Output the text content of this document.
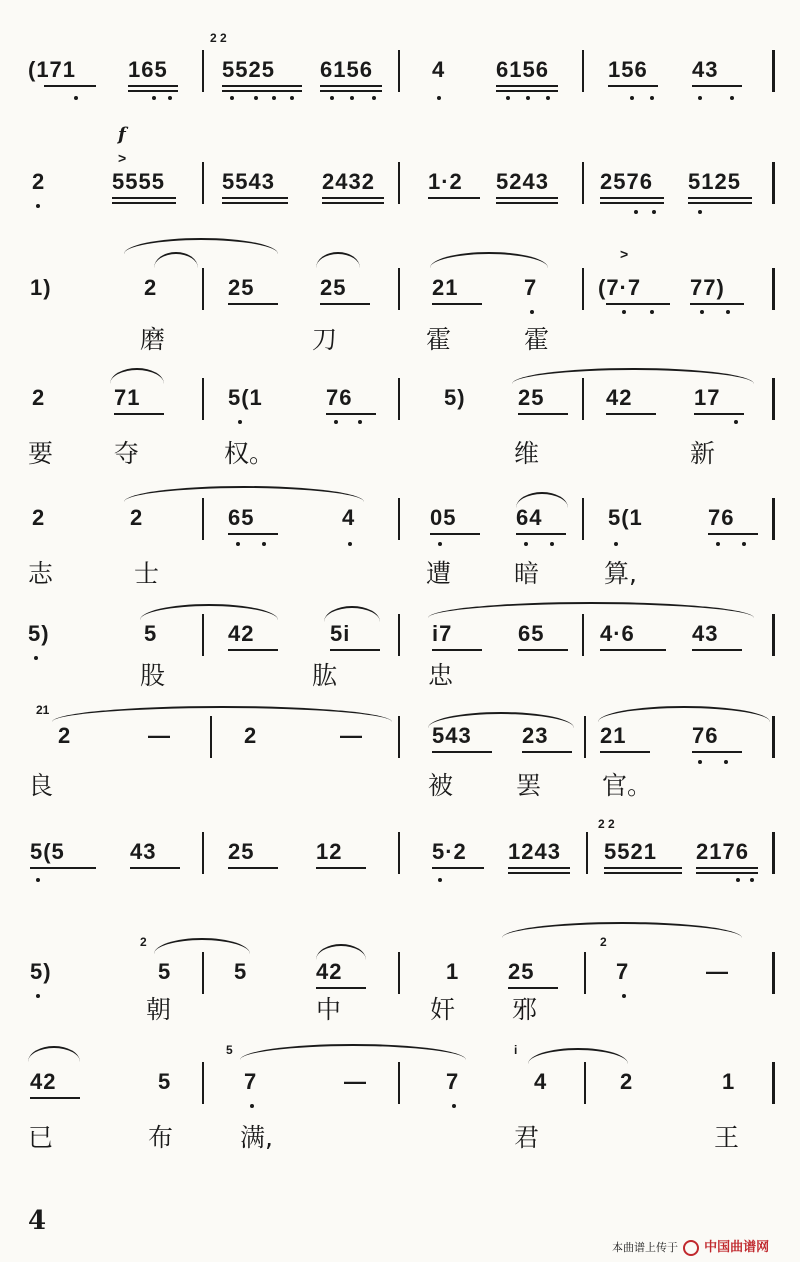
(171 165
2 2
5525 6156	4 6156	156 43
f
>
2	5555	5543 2432 1·2 5243 2576 5125
>
1)	2	25	25	21	7	(7·7 77)
磨	刀	霍	霍
2	71	5(1	76	5) 25	42	17
要 夺	权。	维	新
2	2	65	4	05	64	5(1	76
志	士	遭	暗	算,
5)	5	42	5i	i7	65	4·6	43
股	肱	忠
21
2	—	2	—	543 23 21	76
良	被	罢 官。
2 2
5(5	43	25	12	5·2 1243 5521 2176
2	2
5)	5	5	42	1 25	7	—
朝	中	奸 邪
5	i
42	5	7	—	7	4	2	1
已	布	满,	君	王
4
本曲谱上传于 中国曲谱网
